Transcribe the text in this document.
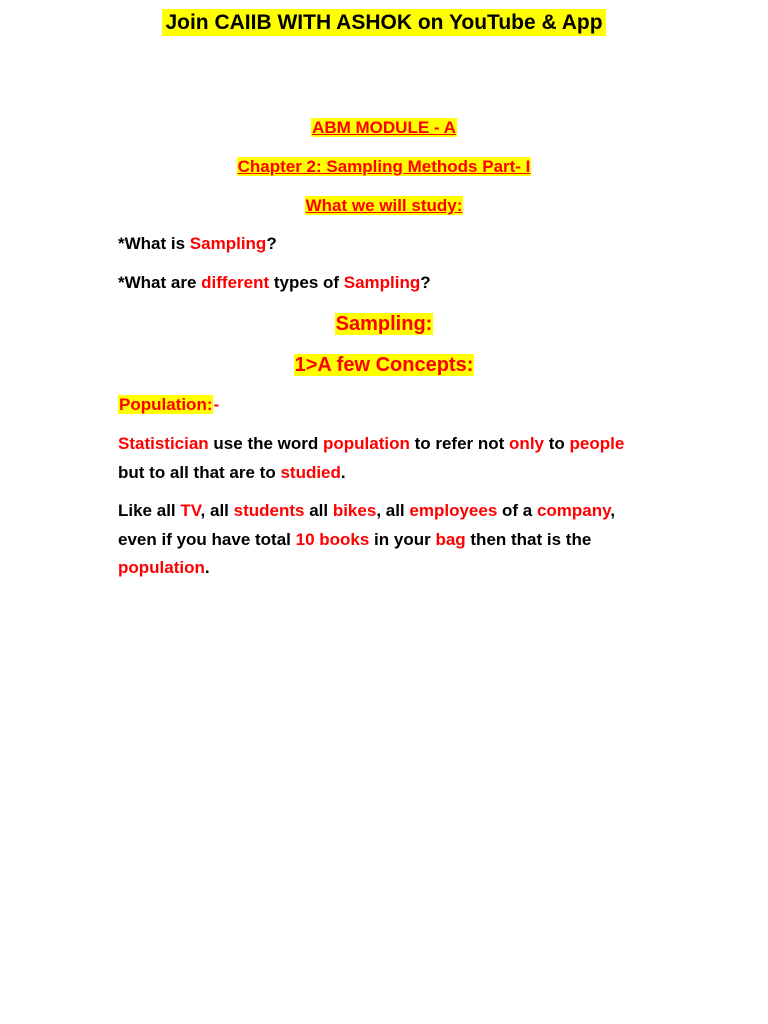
Join CAIIB WITH ASHOK on YouTube & App
ABM MODULE - A
Chapter 2: Sampling Methods Part- I
What we will study:
*What is Sampling?
*What are different types of Sampling?
Sampling:
1>A few Concepts:
Population:-

Statistician use the word population to refer not only to people but to all that are to studied.

Like all TV, all students all bikes, all employees of a company, even if you have total 10 books in your bag then that is the population.
